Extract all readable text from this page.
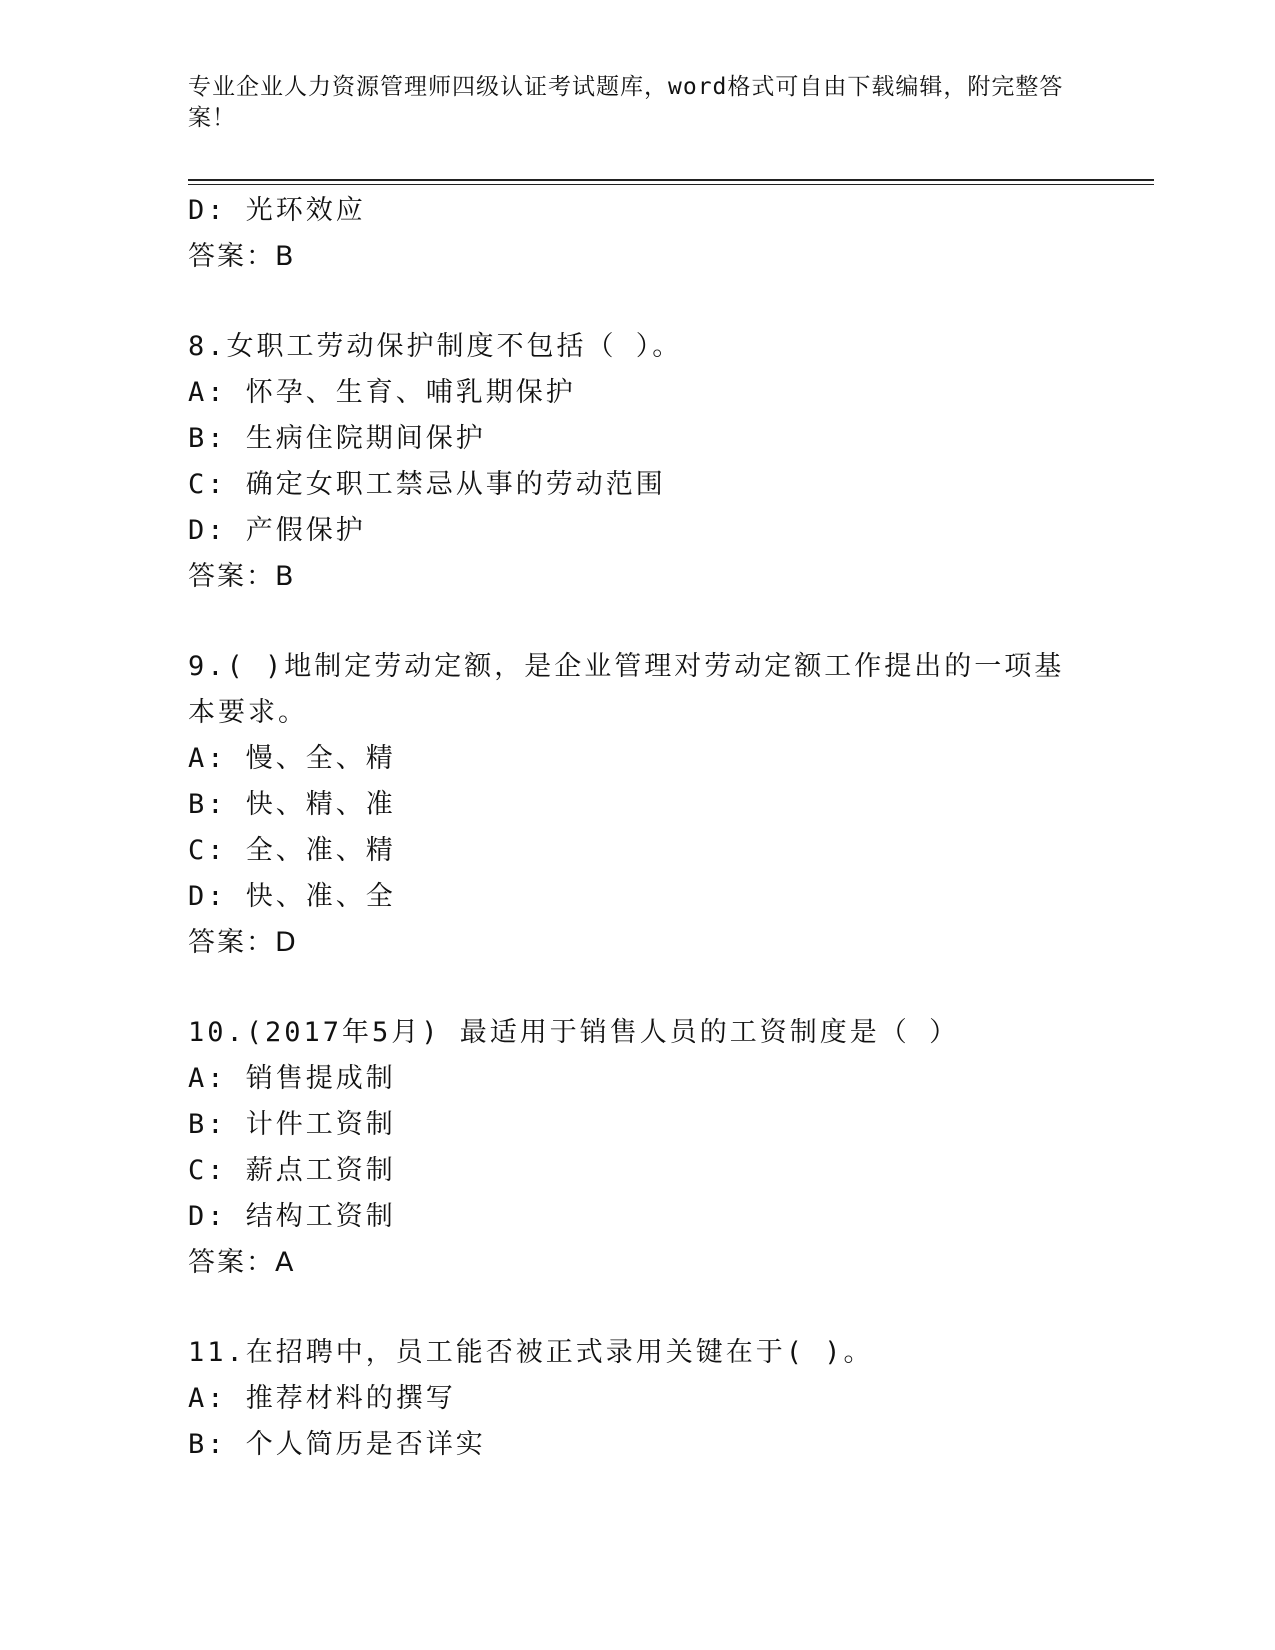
专业企业人力资源管理师四级认证考试题库，word格式可自由下载编辑，附完整答案！
D: 光环效应
答案：B
8.女职工劳动保护制度不包括（ ）。
A: 怀孕、生育、哺乳期保护
B: 生病住院期间保护
C: 确定女职工禁忌从事的劳动范围
D: 产假保护
答案：B
9.( )地制定劳动定额，是企业管理对劳动定额工作提出的一项基本要求。
A: 慢、全、精
B: 快、精、准
C: 全、准、精
D: 快、准、全
答案：D
10.(2017年5月) 最适用于销售人员的工资制度是（ ）
A: 销售提成制
B: 计件工资制
C: 薪点工资制
D: 结构工资制
答案：A
11.在招聘中，员工能否被正式录用关键在于( )。
A: 推荐材料的撰写
B: 个人简历是否详实
